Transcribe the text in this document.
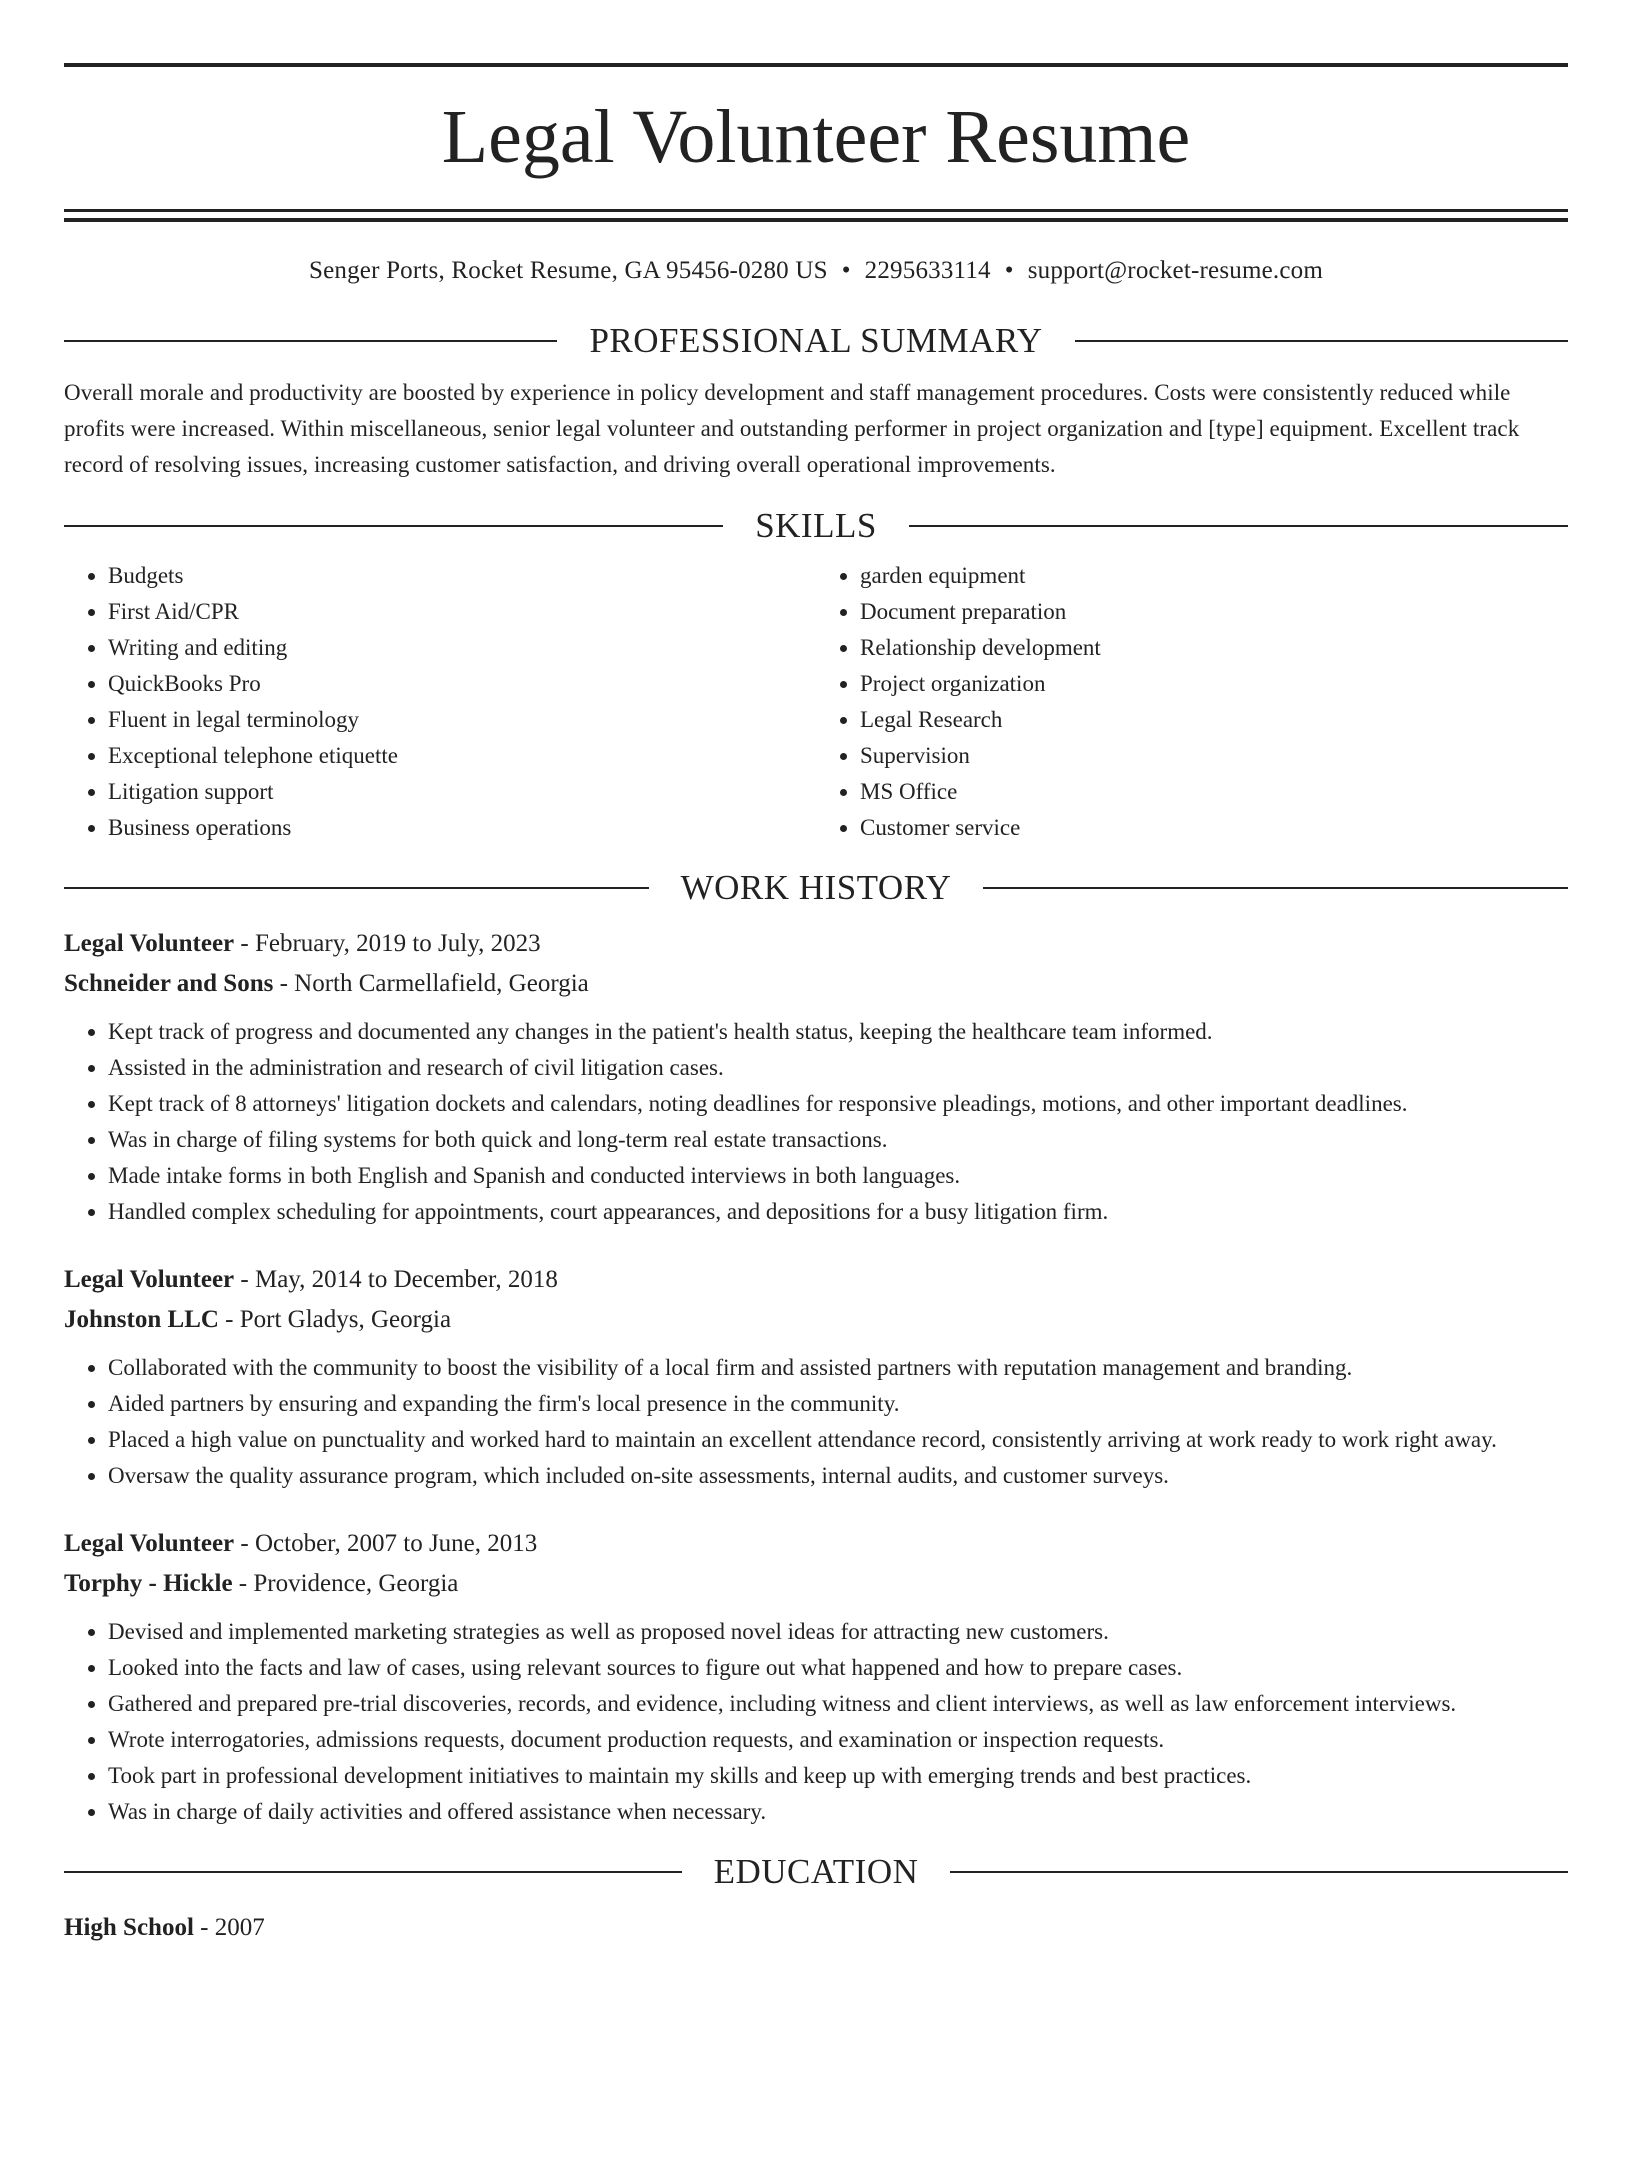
Legal Volunteer Resume
Senger Ports, Rocket Resume, GA 95456-0280 US • 2295633114 • support@rocket-resume.com
PROFESSIONAL SUMMARY

Overall morale and productivity are boosted by experience in policy development and staff management procedures. Costs were consistently reduced while profits were increased. Within miscellaneous, senior legal volunteer and outstanding performer in project organization and [type] equipment. Excellent track record of resolving issues, increasing customer satisfaction, and driving overall operational improvements.

SKILLS
• Budgets
• First Aid/CPR
• Writing and editing
• QuickBooks Pro
• Fluent in legal terminology
• Exceptional telephone etiquette
• Litigation support
• Business operations
• garden equipment
• Document preparation
• Relationship development
• Project organization
• Legal Research
• Supervision
• MS Office
• Customer service
WORK HISTORY
Legal Volunteer - February, 2019 to July, 2023
Schneider and Sons - North Carmellafield, Georgia
• Kept track of progress and documented any changes in the patient's health status, keeping the healthcare team informed.
• Assisted in the administration and research of civil litigation cases.
• Kept track of 8 attorneys' litigation dockets and calendars, noting deadlines for responsive pleadings, motions, and other important deadlines.
• Was in charge of filing systems for both quick and long-term real estate transactions.
• Made intake forms in both English and Spanish and conducted interviews in both languages.
• Handled complex scheduling for appointments, court appearances, and depositions for a busy litigation firm.
Legal Volunteer - May, 2014 to December, 2018
Johnston LLC - Port Gladys, Georgia
• Collaborated with the community to boost the visibility of a local firm and assisted partners with reputation management and branding.
• Aided partners by ensuring and expanding the firm's local presence in the community.
• Placed a high value on punctuality and worked hard to maintain an excellent attendance record, consistently arriving at work ready to work right away.
• Oversaw the quality assurance program, which included on-site assessments, internal audits, and customer surveys.
Legal Volunteer - October, 2007 to June, 2013
Torphy - Hickle - Providence, Georgia
• Devised and implemented marketing strategies as well as proposed novel ideas for attracting new customers.
• Looked into the facts and law of cases, using relevant sources to figure out what happened and how to prepare cases.
• Gathered and prepared pre-trial discoveries, records, and evidence, including witness and client interviews, as well as law enforcement interviews.
• Wrote interrogatories, admissions requests, document production requests, and examination or inspection requests.
• Took part in professional development initiatives to maintain my skills and keep up with emerging trends and best practices.
• Was in charge of daily activities and offered assistance when necessary.
EDUCATION
High School - 2007
